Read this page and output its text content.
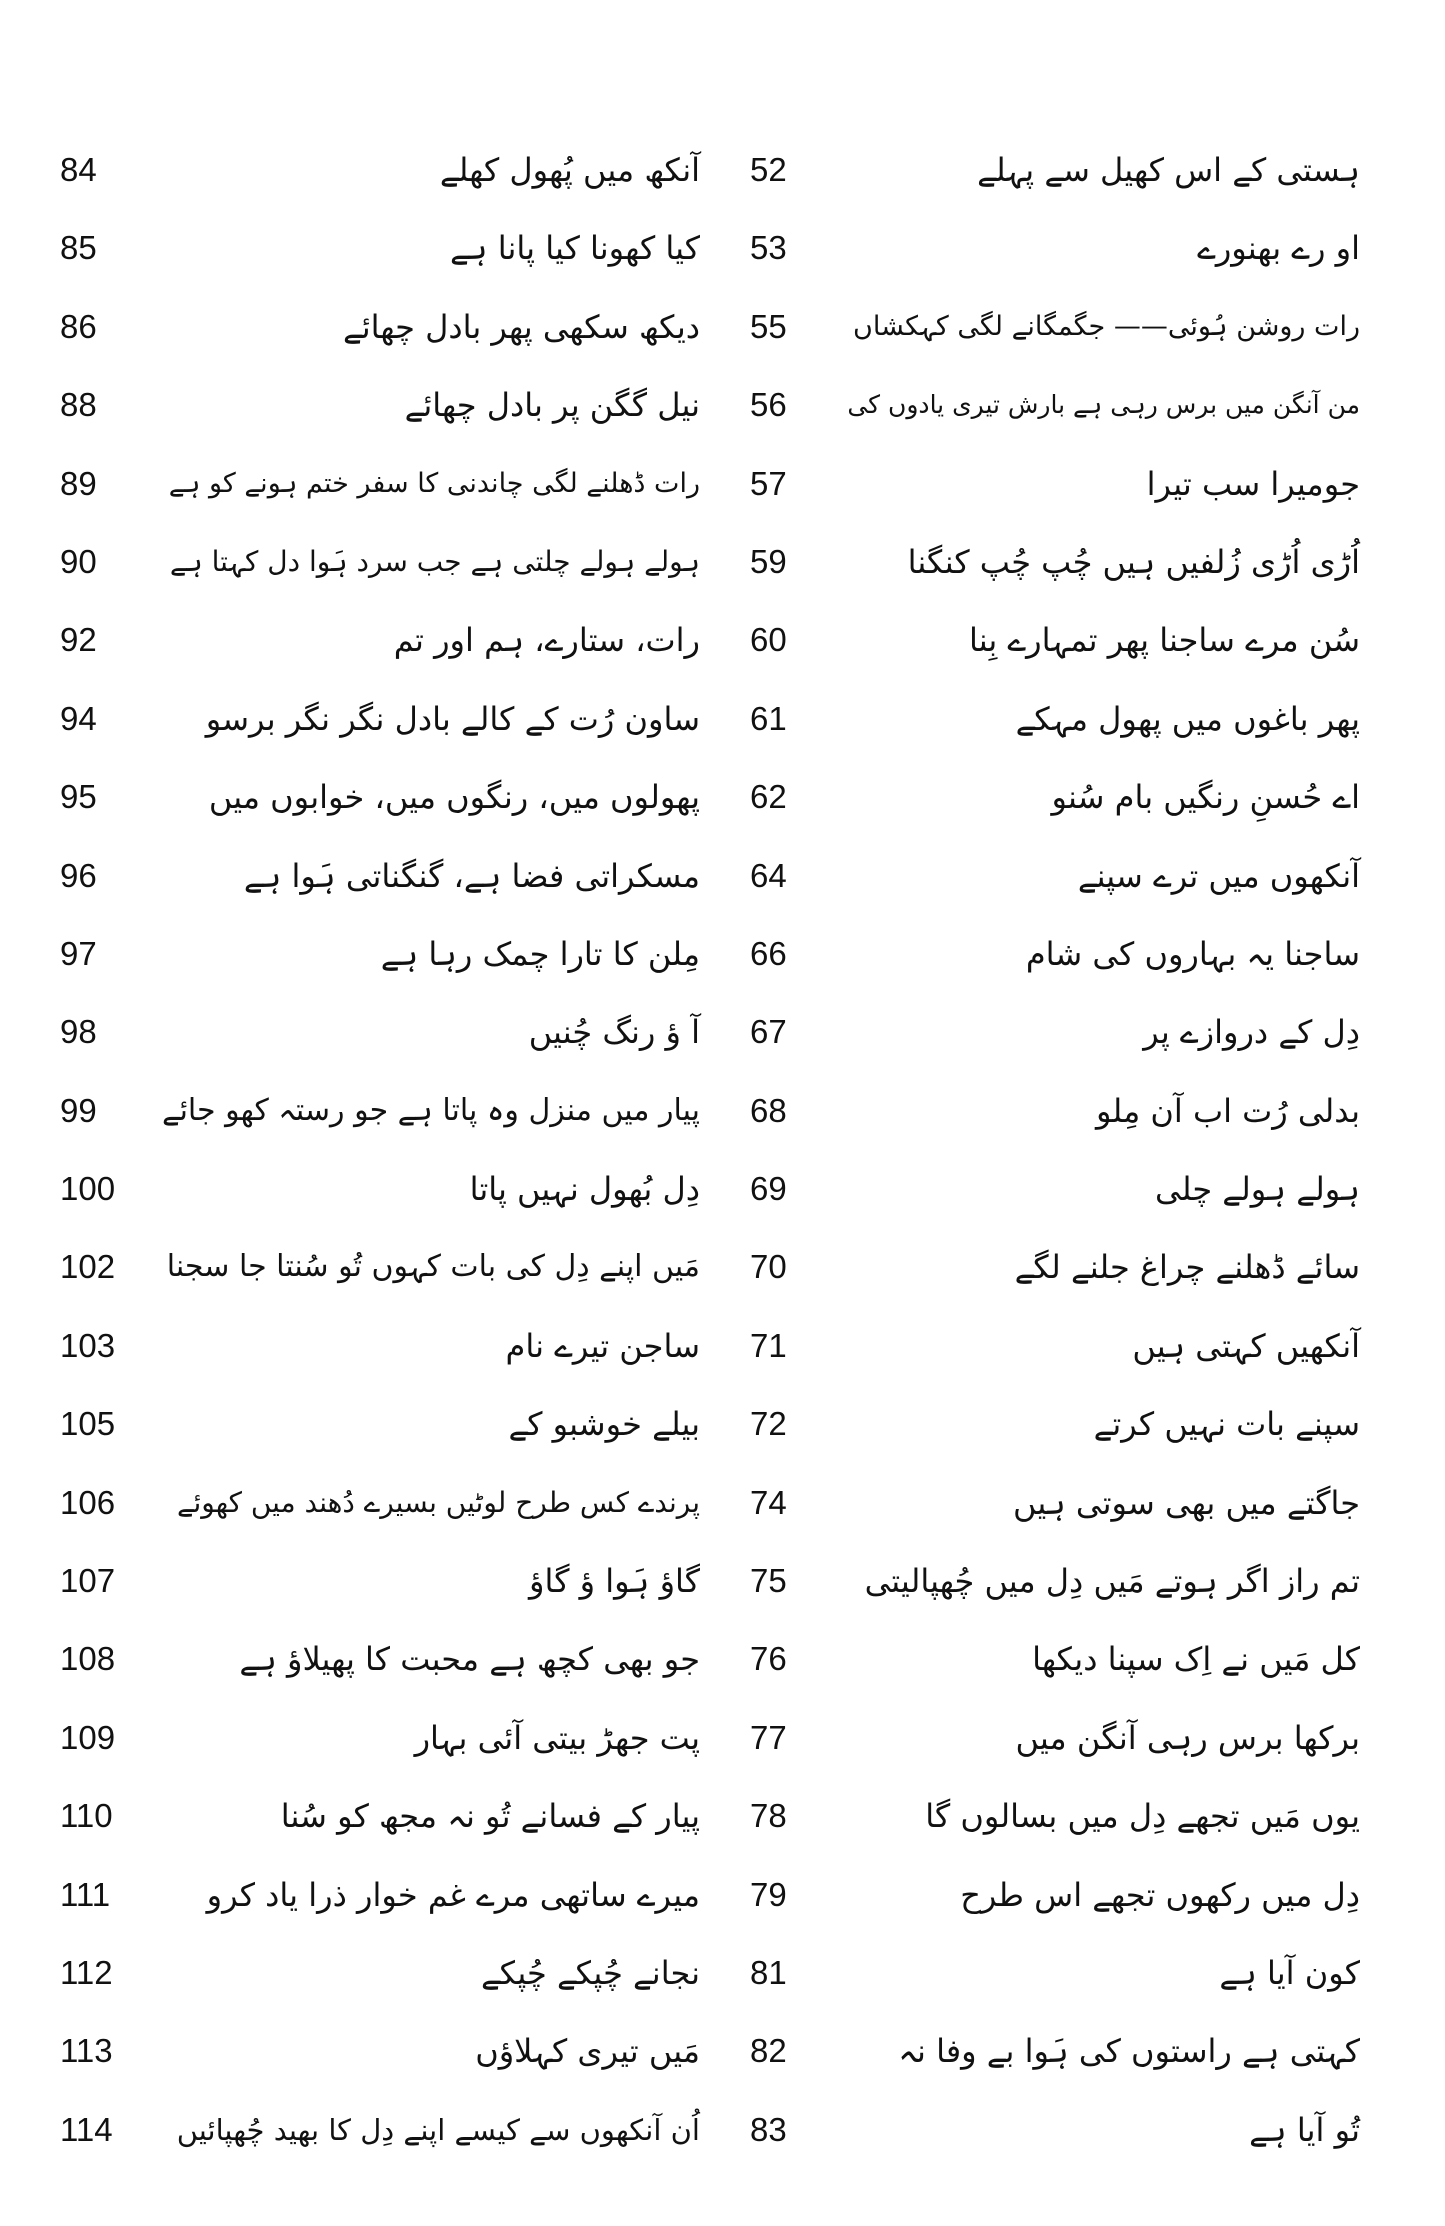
ہستی کے اس کھیل سے پہلے
52
او رے بھنورے
53
رات روشن ہُوئی—— جگمگانے لگی کہکشاں
55
من آنگن میں برس رہی ہے بارش تیری یادوں کی
56
جومیرا سب تیرا
57
اُڑی اُڑی زُلفیں ہیں چُپ چُپ کنگنا
59
سُن مرے ساجنا پھر تمہارے بِنا
60
پھر باغوں میں پھول مہکے
61
اے حُسنِ رنگیں بام سُنو
62
آنکھوں میں ترے سپنے
64
ساجنا یہ بہاروں کی شام
66
دِل کے دروازے پر
67
بدلی رُت اب آن مِلو
68
ہولے ہولے چلی
69
سائے ڈھلنے چراغ جلنے لگے
70
آنکھیں کہتی ہیں
71
سپنے بات نہیں کرتے
72
جاگتے میں بھی سوتی ہیں
74
تم راز اگر ہوتے مَیں دِل میں چُھپالیتی
75
کل مَیں نے اِک سپنا دیکھا
76
برکھا برس رہی آنگن میں
77
یوں مَیں تجھے دِل میں بسالوں گا
78
دِل میں رکھوں تجھے اس طرح
79
کون آیا ہے
81
کہتی ہے راستوں کی ہَوا بے وفا نہ
82
تُو آیا ہے
83
آنکھ میں پُھول کھلے
84
کیا کھونا کیا پانا ہے
85
دیکھ سکھی پھر بادل چھائے
86
نیل گگن پر بادل چھائے
88
رات ڈھلنے لگی چاندنی کا سفر ختم ہونے کو ہے
89
ہولے ہولے چلتی ہے جب سرد ہَوا دل کہتا ہے
90
رات، ستارے، ہم اور تم
92
ساون رُت کے کالے بادل نگر نگر برسو
94
پھولوں میں، رنگوں میں، خوابوں میں
95
مسکراتی فضا ہے، گنگناتی ہَوا ہے
96
مِلن کا تارا چمک رہا ہے
97
آ ؤ رنگ چُنیں
98
پیار میں منزل وہ پاتا ہے جو رستہ کھو جائے
99
دِل بُھول نہیں پاتا
100
مَیں اپنے دِل کی بات کہوں تُو سُنتا جا سجنا
102
ساجن تیرے نام
103
بیلے خوشبو کے
105
پرندے کس طرح لوٹیں بسیرے دُھند میں کھوئے
106
گاؤ ہَوا ؤ گاؤ
107
جو بھی کچھ ہے محبت کا پھیلاؤ ہے
108
پت جھڑ بیتی آئی بہار
109
پیار کے فسانے تُو نہ مجھ کو سُنا
110
میرے ساتھی مرے غم خوار ذرا یاد کرو
111
نجانے چُپکے چُپکے
112
مَیں تیری کہلاؤں
113
اُن آنکھوں سے کیسے اپنے دِل کا بھید چُھپائیں
114
